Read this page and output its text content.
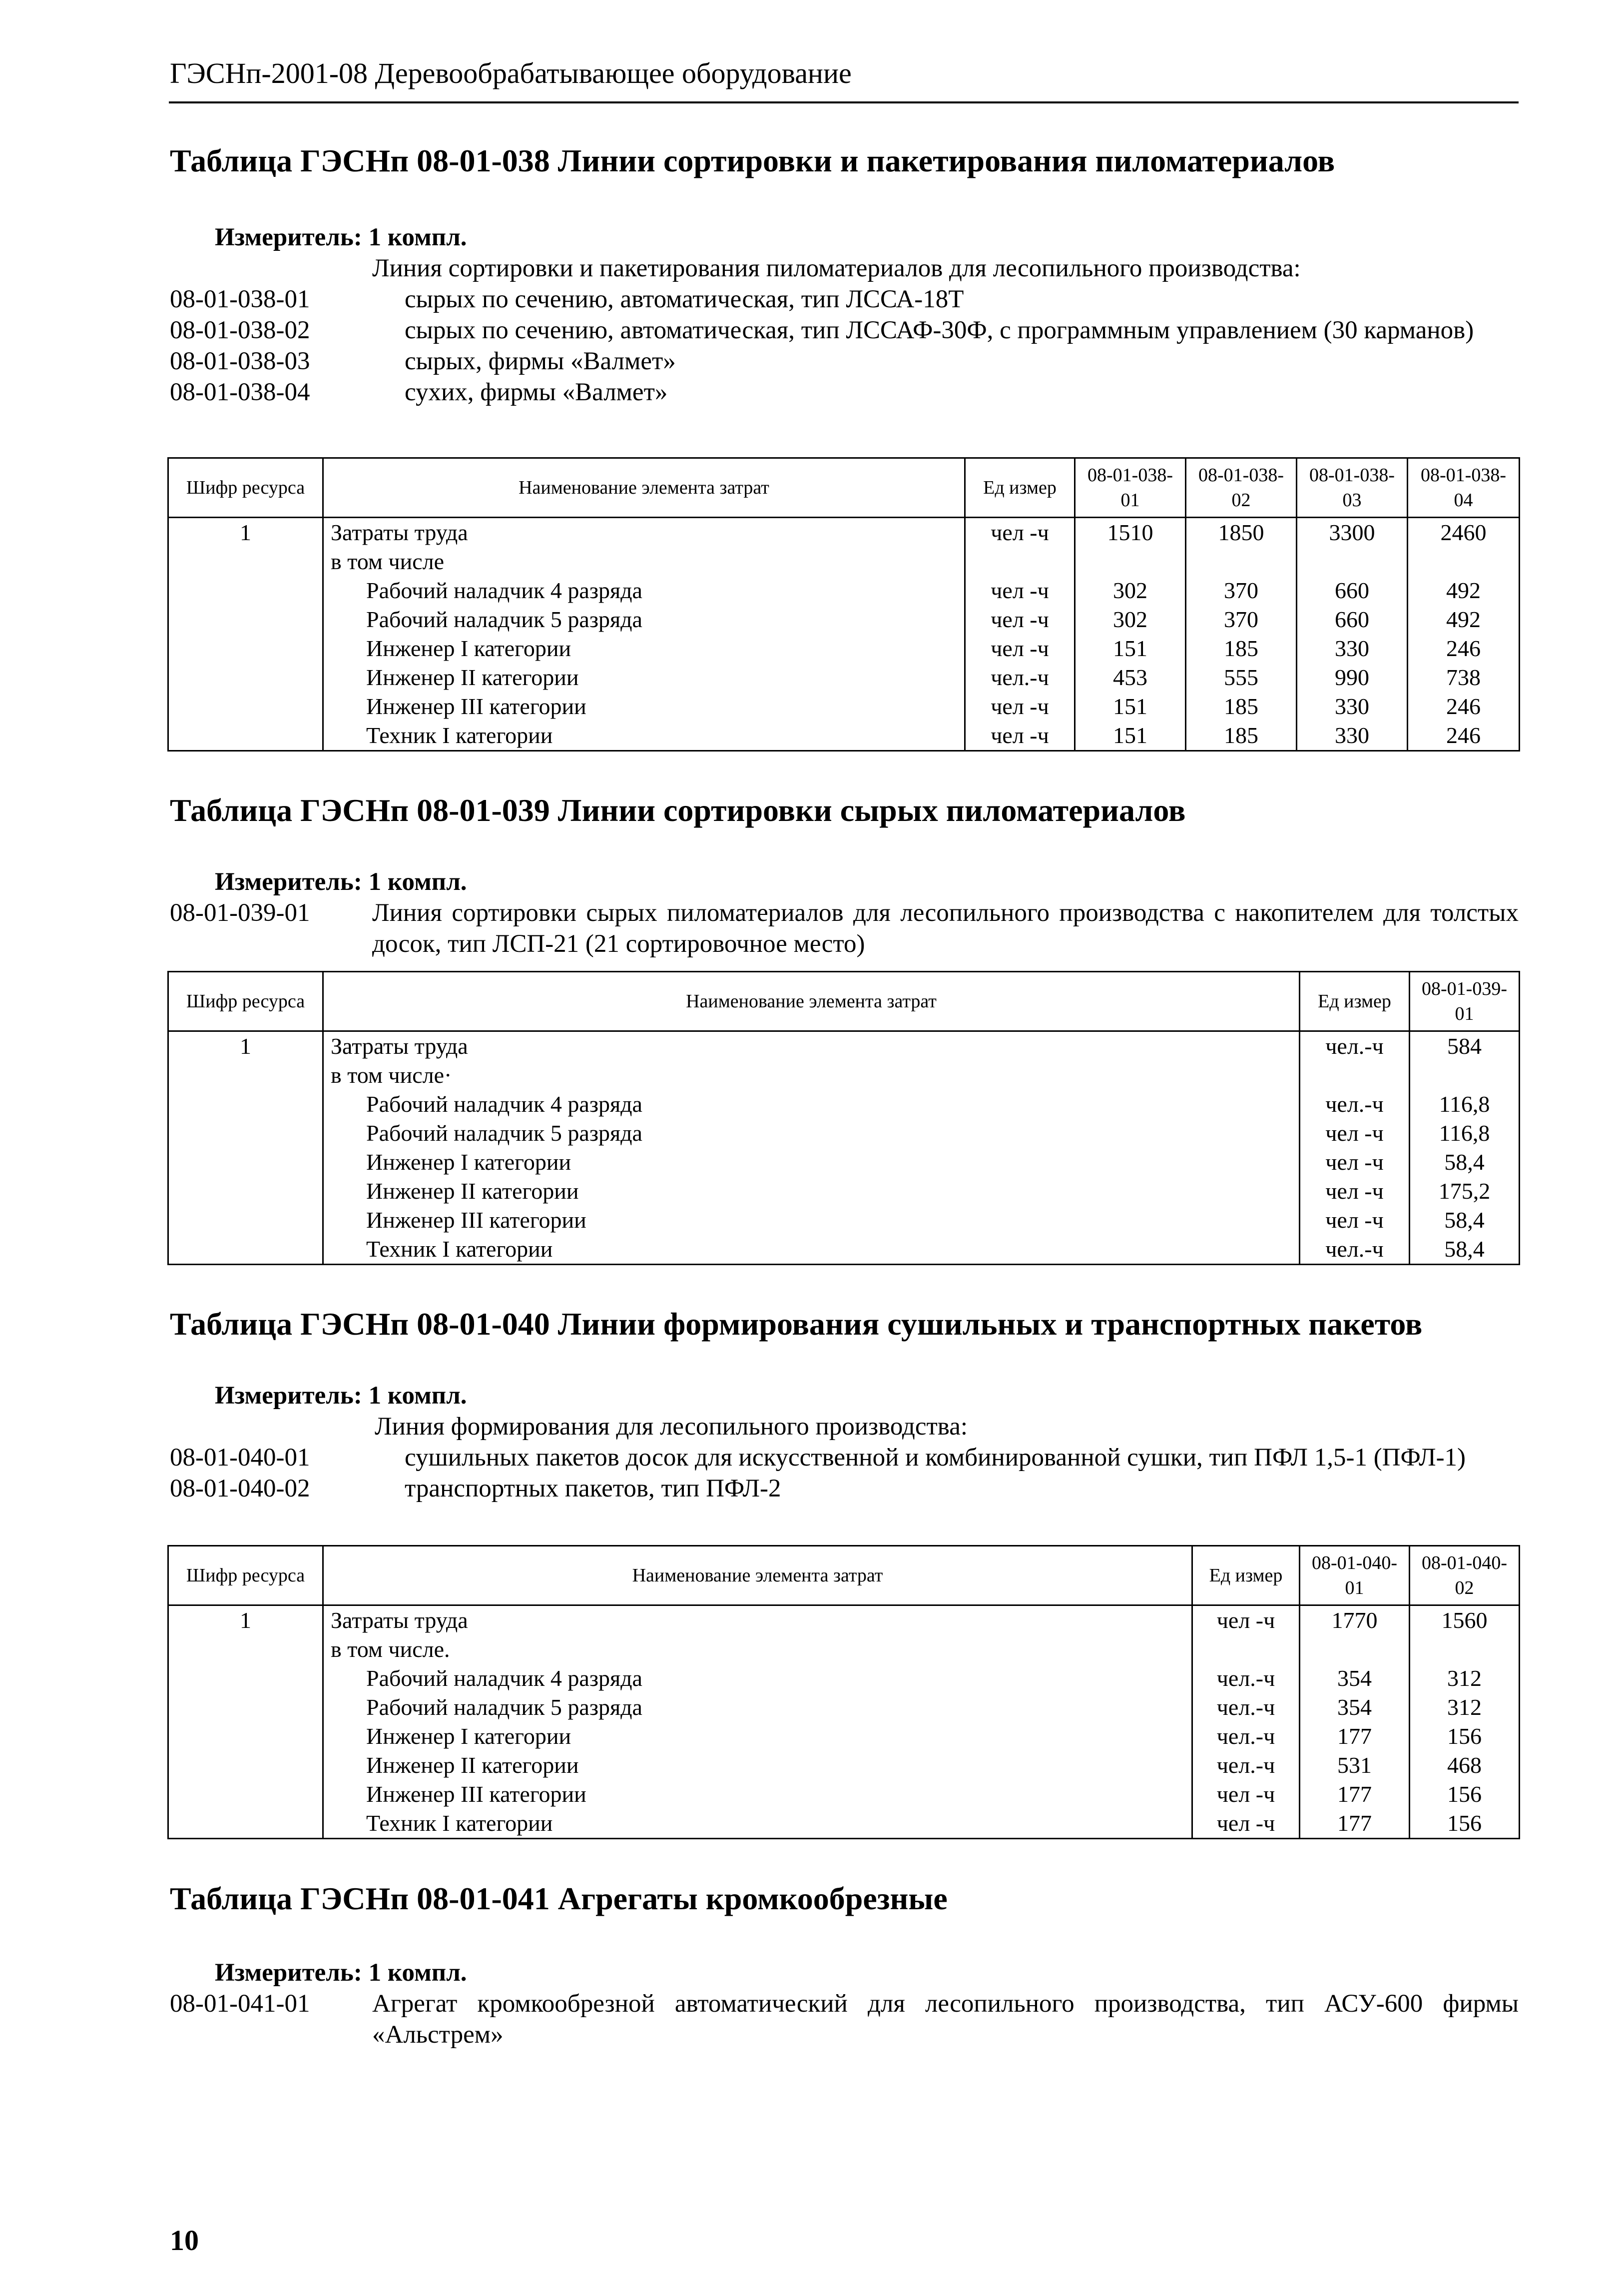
ГЭСНп-2001-08 Деревообрабатывающее оборудование
Таблица ГЭСНп 08-01-038 Линии сортировки и пакетирования пиломатериалов
Измеритель: 1 компл.
Линия сортировки и пакетирования пиломатериалов для лесопильного производства:
08-01-038-01	сырых по сечению, автоматическая, тип ЛССА-18Т
08-01-038-02	сырых по сечению, автоматическая, тип ЛССАФ-30Ф, с программным управлением (30 карманов)
08-01-038-03	сырых, фирмы «Валмет»
08-01-038-04	сухих, фирмы «Валмет»
Шифр ресурса	Наименование элемента затрат	Ед измер	08-01-038-01	08-01-038-02	08-01-038-03	08-01-038-04
1	Затраты труда	чел -ч	1510	1850	3300	2460
	в том числе					
	Рабочий наладчик 4 разряда	чел -ч	302	370	660	492
	Рабочий наладчик 5 разряда	чел -ч	302	370	660	492
	Инженер I категории	чел -ч	151	185	330	246
	Инженер II категории	чел.-ч	453	555	990	738
	Инженер III категории	чел -ч	151	185	330	246
	Техник I категории	чел -ч	151	185	330	246
Таблица ГЭСНп 08-01-039 Линии сортировки сырых пиломатериалов
Измеритель: 1 компл.
08-01-039-01	Линия сортировки сырых пиломатериалов для лесопильного производства с накопителем для толстых досок, тип ЛСП-21 (21 сортировочное место)
Шифр ресурса	Наименование элемента затрат	Ед измер	08-01-039-01
1	Затраты труда	чел.-ч	584
	в том числе·		
	Рабочий наладчик 4 разряда	чел.-ч	116,8
	Рабочий наладчик 5 разряда	чел -ч	116,8
	Инженер I категории	чел -ч	58,4
	Инженер II категории	чел -ч	175,2
	Инженер III категории	чел -ч	58,4
	Техник I категории	чел.-ч	58,4
Таблица ГЭСНп 08-01-040 Линии формирования сушильных и транспортных пакетов
Измеритель: 1 компл.
Линия формирования для лесопильного производства:
08-01-040-01	сушильных пакетов досок для искусственной и комбинированной сушки, тип ПФЛ 1,5-1 (ПФЛ-1)
08-01-040-02	транспортных пакетов, тип ПФЛ-2
Шифр ресурса	Наименование элемента затрат	Ед измер	08-01-040-01	08-01-040-02
1	Затраты труда	чел -ч	1770	1560
	в том числе.			
	Рабочий наладчик 4 разряда	чел.-ч	354	312
	Рабочий наладчик 5 разряда	чел.-ч	354	312
	Инженер I категории	чел.-ч	177	156
	Инженер II категории	чел.-ч	531	468
	Инженер III категории	чел -ч	177	156
	Техник I категории	чел -ч	177	156
Таблица ГЭСНп 08-01-041 Агрегаты кромкообрезные
Измеритель: 1 компл.
08-01-041-01	Агрегат кромкообрезной автоматический для лесопильного производства, тип АСУ-600 фирмы «Альстрем»
10
